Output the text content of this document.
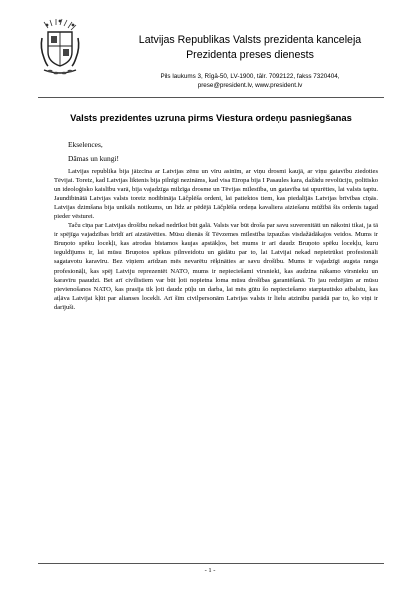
Latvijas Republikas Valsts prezidenta kanceleja
Prezidenta preses dienests
Pils laukums 3, Rīgā-50, LV-1900, tālr. 7092122, fakss 7320404,
prese@president.lv, www.president.lv
Valsts prezidentes uzruna pirms Viestura ordeņu pasniegšanas
Ekselences,
Dāmas un kungi!

Latvijas republika bija jāizcīna ar Latvijas zēnu un vīru asinīm, ar viņu drosmi kaujā, ar viņu gatavību ziedoties Tēvijai. Toreiz, kad Latvijas liktenis bija pilnīgi nezināms, kad visa Eiropa bija I Pasaules kara, dažādu revolūciju, politisko un ideoloģisko kaislību varā, bija vajadzīga milzīga drosme un Tēvijas mīlestība, un gatavība tai upurēties, lai valsts taptu. Jaundibinātā Latvijas valsts toreiz nodibināja Lāčplēša ordeni, lai patiektos tiem, kas piedalījās Latvijas brīvības cīņās. Latvijas dzimšana bija unikāls notikums, un līdz ar pēdējā Lāčplēša ordeņa kavaliera aiziešanu mūžībā šis ordenis tagad pieder vēsturei.

Taču cīņa par Latvijas drošību nekad nedrīkst būt galā. Valsts var būt droša par savu suverenitāti un nākotni tikai, ja tā ir spējīga vajadzības brīdī arī aizstāvēties. Mūsu dienās šī Tēvzemes mīlestība izpaužas visdažādākajos veidos. Mums ir Bruņoto spēku locekļi, kas atrodas bīstamos kaujas apstākļos, bet mums ir arī daudz Bruņoto spēku locekļu, kuru ieguldījums ir, lai mūsu Bruņotos spēkus pilnveidotu un gādātu par to, lai Latvijai nekad nepietrūkst profesionāli sagatavotu karavīru. Bez viņiem arīdzan mēs nevarētu rēķināties ar savu drošību. Mums ir vajadzīgi augsta ranga profesionāļi, kas spēj Latviju reprezentēt NATO, mums ir nepieciešami virsnieki, kas audzina nākamo virsnieku un karavīru paaudzi. Bet arī civilistiem var būt ļoti nopietna loma mūsu drošības garantēšanā. To jau redzējām ar mūsu pievienošanos NATO, kas prasīja tik ļoti daudz pūļu un darba, lai mēs gūtu šo nepieciešamo starptautisko atbalstu, kas atļāva Latvijai kļūt par alianses locekli. Arī šīm civilpersonām Latvijas valsts ir lielu atzinību parādā par to, ko viņi ir darījuši.

- 1 -
